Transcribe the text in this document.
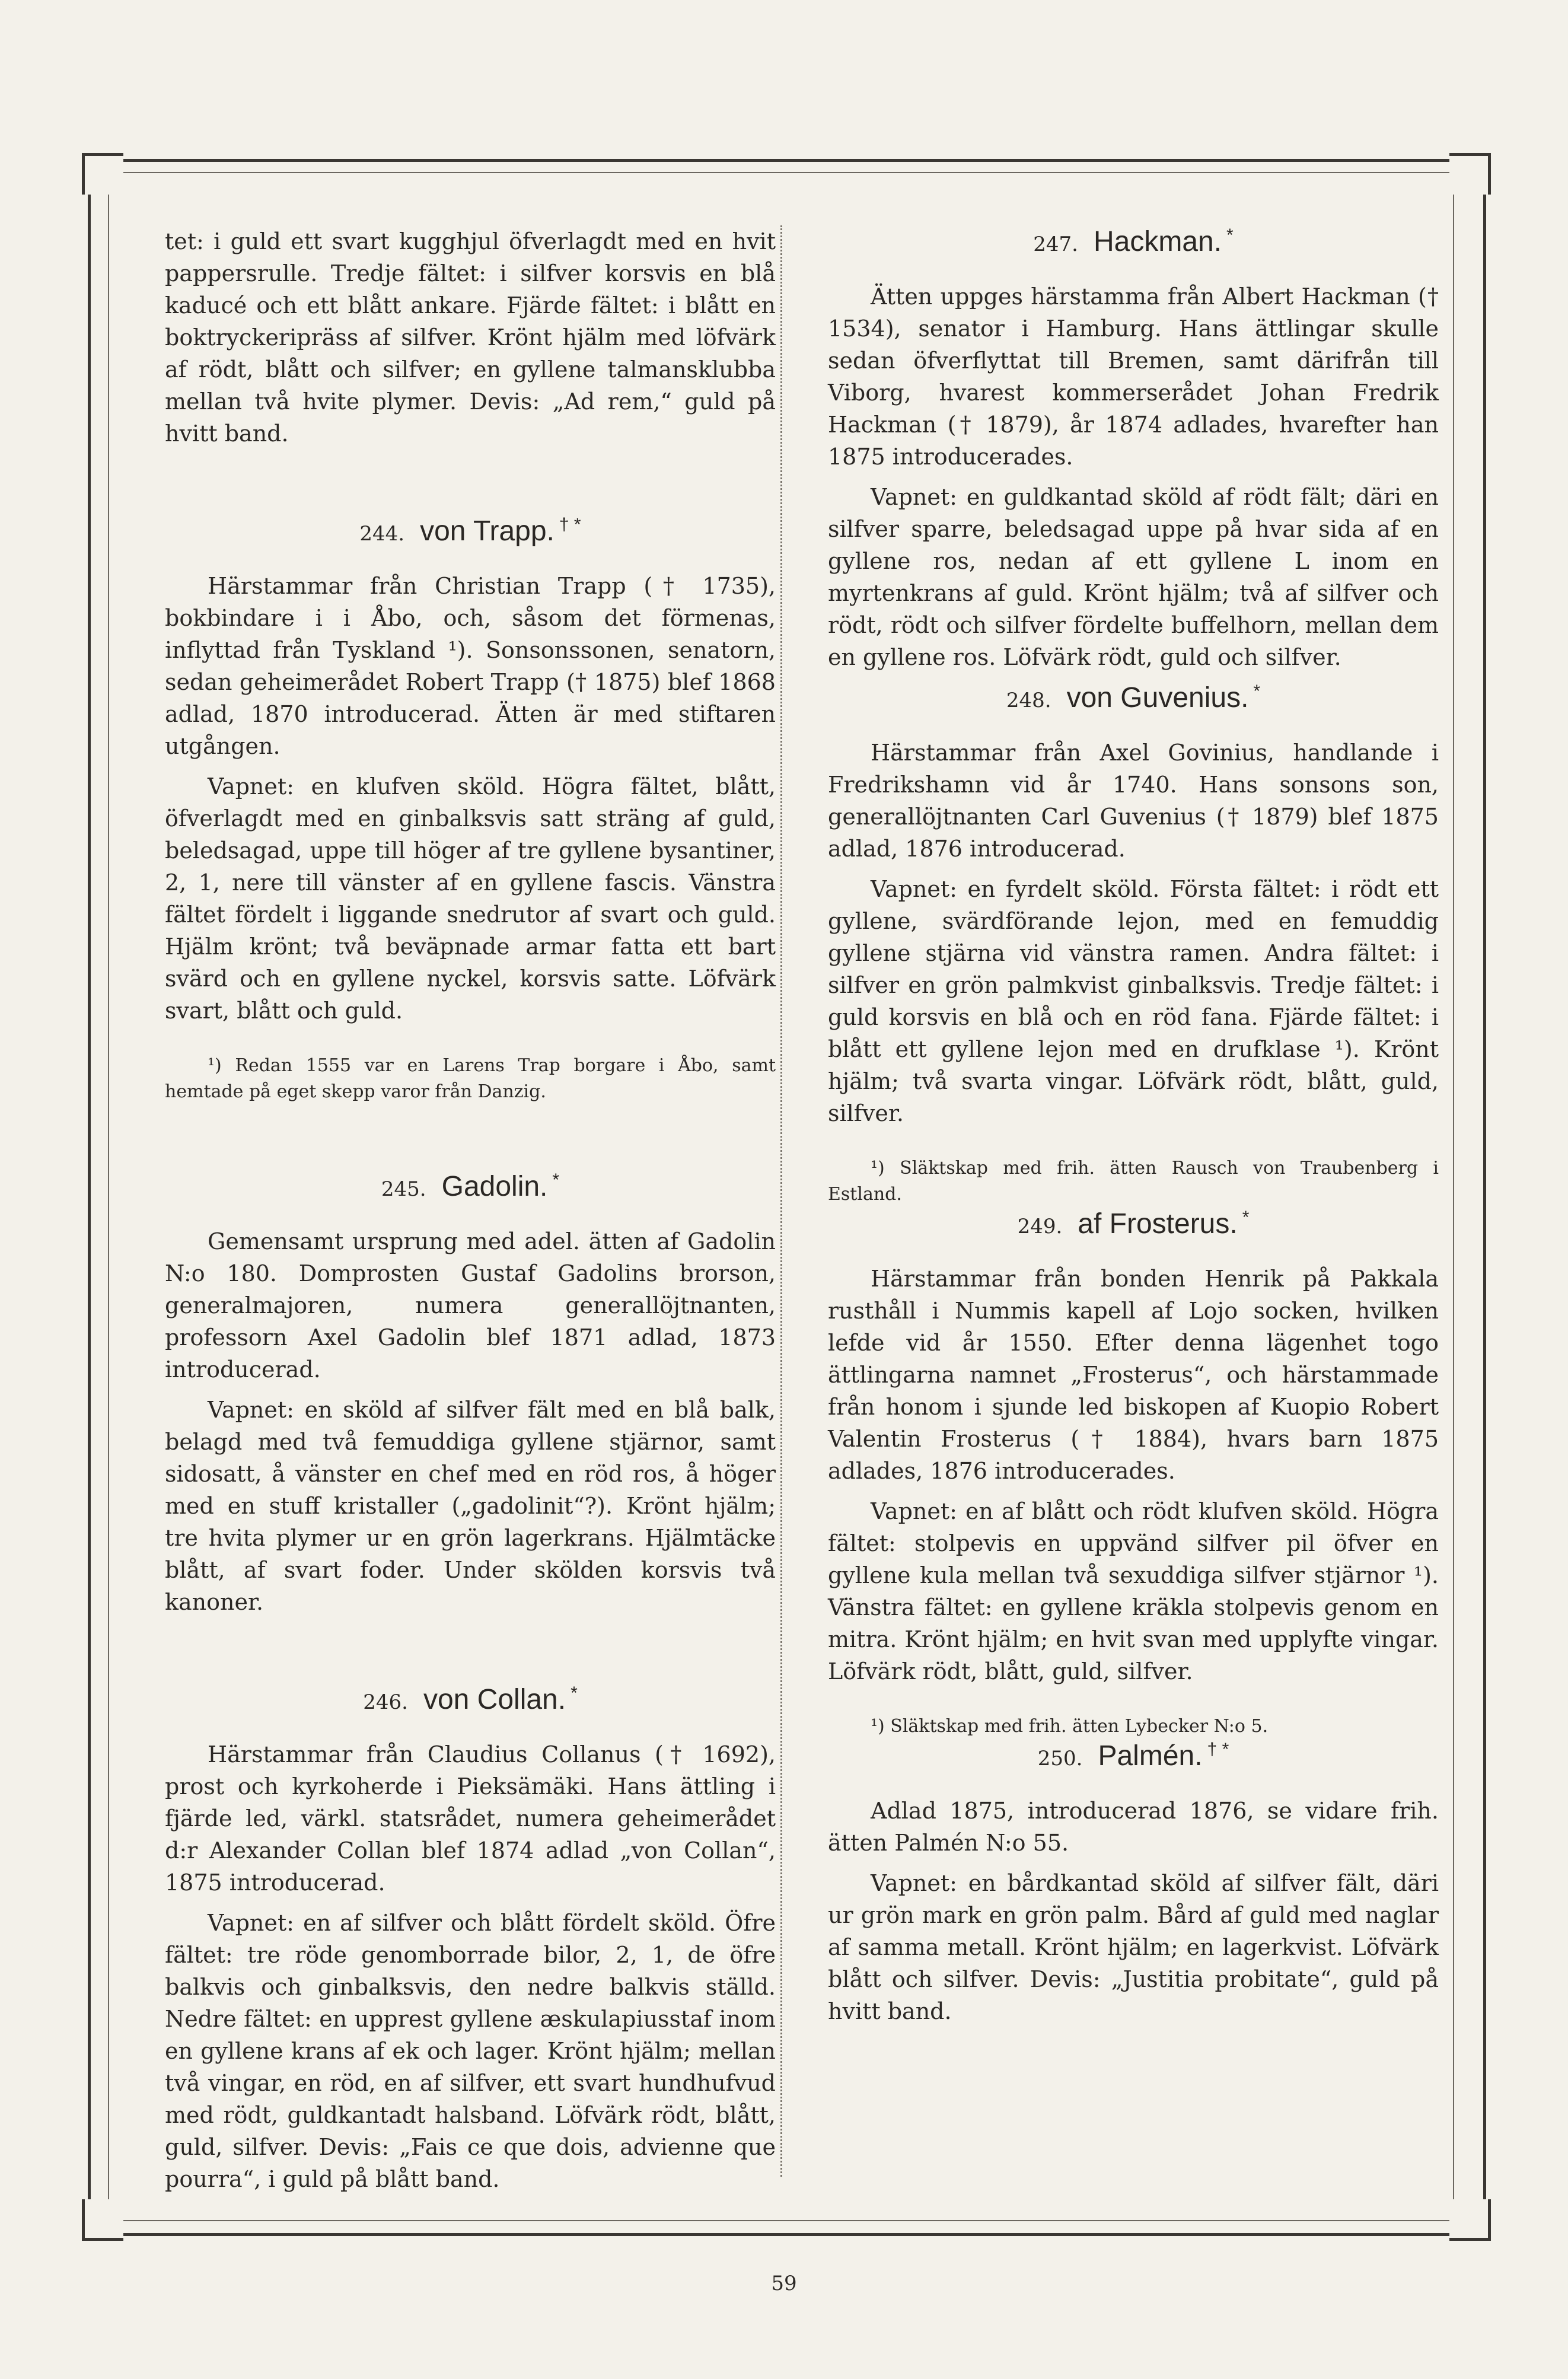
tet: i guld ett svart kugghjul öfverlagdt med en hvit pappersrulle. Tredje fältet: i silfver korsvis en blå kaducé och ett blått ankare. Fjärde fältet: i blått en boktryckeripräss af silfver. Krönt hjälm med löfvärk af rödt, blått och silfver; en gyllene talmansklubba mellan två hvite plymer. Devis: „Ad rem,“ guld på hvitt band.

244. von Trapp. † *

Härstammar från Christian Trapp († 1735), bokbindare i i Åbo, och, såsom det förmenas, inflyttad från Tyskland ¹). Sonsonssonen, senatorn, sedan geheimerådet Robert Trapp († 1875) blef 1868 adlad, 1870 introducerad. Ätten är med stiftaren utgången.

Vapnet: en klufven sköld. Högra fältet, blått, öfverlagdt med en ginbalksvis satt sträng af guld, beledsagad, uppe till höger af tre gyllene bysantiner, 2, 1, nere till vänster af en gyllene fascis. Vänstra fältet fördelt i liggande snedrutor af svart och guld. Hjälm krönt; två beväpnade armar fatta ett bart svärd och en gyllene nyckel, korsvis satte. Löfvärk svart, blått och guld.

¹) Redan 1555 var en Larens Trap borgare i Åbo, samt hemtade på eget skepp varor från Danzig.

245. Gadolin. *

Gemensamt ursprung med adel. ätten af Gadolin N:o 180. Domprosten Gustaf Gadolins brorson, generalmajoren, numera generallöjtnanten, professorn Axel Gadolin blef 1871 adlad, 1873 introducerad.

Vapnet: en sköld af silfver fält med en blå balk, belagd med två femuddiga gyllene stjärnor, samt sidosatt, å vänster en chef med en röd ros, å höger med en stuff kristaller („gadolinit“?). Krönt hjälm; tre hvita plymer ur en grön lagerkrans. Hjälmtäcke blått, af svart foder. Under skölden korsvis två kanoner.

246. von Collan. *

Härstammar från Claudius Collanus († 1692), prost och kyrkoherde i Pieksämäki. Hans ättling i fjärde led, värkl. statsrådet, numera geheimerådet d:r Alexander Collan blef 1874 adlad „von Collan“, 1875 introducerad.

Vapnet: en af silfver och blått fördelt sköld. Öfre fältet: tre röde genomborrade bilor, 2, 1, de öfre balkvis och ginbalksvis, den nedre balkvis ställd. Nedre fältet: en upprest gyllene æskulapiusstaf inom en gyllene krans af ek och lager. Krönt hjälm; mellan två vingar, en röd, en af silfver, ett svart hundhufvud med rödt, guldkantadt halsband. Löfvärk rödt, blått, guld, silfver. Devis: „Fais ce que dois, advienne que pourra“, i guld på blått band.

247. Hackman. *

Ätten uppges härstamma från Albert Hackman († 1534), senator i Hamburg. Hans ättlingar skulle sedan öfverflyttat till Bremen, samt därifrån till Viborg, hvarest kommerserådet Johan Fredrik Hackman († 1879), år 1874 adlades, hvarefter han 1875 introducerades.

Vapnet: en guldkantad sköld af rödt fält; däri en silfver sparre, beledsagad uppe på hvar sida af en gyllene ros, nedan af ett gyllene L inom en myrtenkrans af guld. Krönt hjälm; två af silfver och rödt, rödt och silfver fördelte buffelhorn, mellan dem en gyllene ros. Löfvärk rödt, guld och silfver.

248. von Guvenius. *

Härstammar från Axel Govinius, handlande i Fredrikshamn vid år 1740. Hans sonsons son, generallöjtnanten Carl Guvenius († 1879) blef 1875 adlad, 1876 introducerad.

Vapnet: en fyrdelt sköld. Första fältet: i rödt ett gyllene, svärdförande lejon, med en femuddig gyllene stjärna vid vänstra ramen. Andra fältet: i silfver en grön palmkvist ginbalksvis. Tredje fältet: i guld korsvis en blå och en röd fana. Fjärde fältet: i blått ett gyllene lejon med en drufklase ¹). Krönt hjälm; två svarta vingar. Löfvärk rödt, blått, guld, silfver.

¹) Släktskap med frih. ätten Rausch von Traubenberg i Estland.

249. af Frosterus. *

Härstammar från bonden Henrik på Pakkala rusthåll i Nummis kapell af Lojo socken, hvilken lefde vid år 1550. Efter denna lägenhet togo ättlingarna namnet „Frosterus“, och härstammade från honom i sjunde led biskopen af Kuopio Robert Valentin Frosterus († 1884), hvars barn 1875 adlades, 1876 introducerades.

Vapnet: en af blått och rödt klufven sköld. Högra fältet: stolpevis en uppvänd silfver pil öfver en gyllene kula mellan två sexuddiga silfver stjärnor ¹). Vänstra fältet: en gyllene kräkla stolpevis genom en mitra. Krönt hjälm; en hvit svan med upplyfte vingar. Löfvärk rödt, blått, guld, silfver.

¹) Släktskap med frih. ätten Lybecker N:o 5.

250. Palmén. † *

Adlad 1875, introducerad 1876, se vidare frih. ätten Palmén N:o 55.

Vapnet: en bårdkantad sköld af silfver fält, däri ur grön mark en grön palm. Bård af guld med naglar af samma metall. Krönt hjälm; en lagerkvist. Löfvärk blått och silfver. Devis: „Justitia probitate“, guld på hvitt band.

59
